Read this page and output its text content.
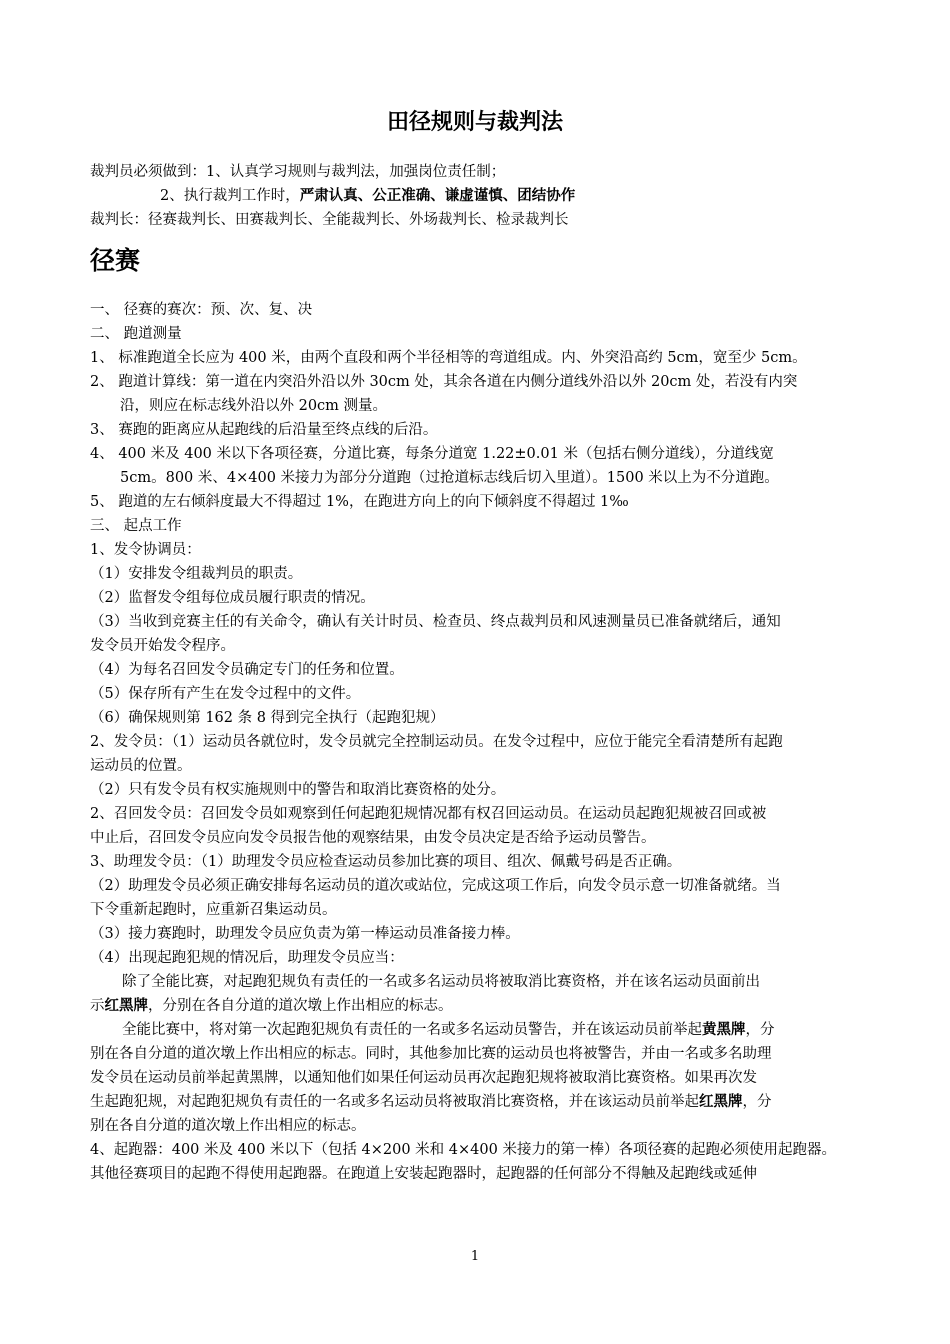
田径规则与裁判法
裁判员必须做到：1、认真学习规则与裁判法，加强岗位责任制；
2、执行裁判工作时，严肃认真、公正准确、谦虚谨慎、团结协作
裁判长：径赛裁判长、田赛裁判长、全能裁判长、外场裁判长、检录裁判长
径赛
一、 径赛的赛次：预、次、复、决
二、 跑道测量
1、 标准跑道全长应为 400 米，由两个直段和两个半径相等的弯道组成。内、外突沿高约 5cm，宽至少 5cm。
2、 跑道计算线：第一道在内突沿外沿以外 30cm 处，其余各道在内侧分道线外沿以外 20cm 处，若没有内突
沿，则应在标志线外沿以外 20cm 测量。
3、 赛跑的距离应从起跑线的后沿量至终点线的后沿。
4、 400 米及 400 米以下各项径赛，分道比赛，每条分道宽 1.22±0.01 米（包括右侧分道线），分道线宽
5cm。800 米、4×400 米接力为部分分道跑（过抢道标志线后切入里道）。1500 米以上为不分道跑。
5、 跑道的左右倾斜度最大不得超过 1%，在跑进方向上的向下倾斜度不得超过 1‰
三、 起点工作
1、发令协调员：
（1）安排发令组裁判员的职责。
（2）监督发令组每位成员履行职责的情况。
（3）当收到竞赛主任的有关命令，确认有关计时员、检查员、终点裁判员和风速测量员已准备就绪后，通知
发令员开始发令程序。
（4）为每名召回发令员确定专门的任务和位置。
（5）保存所有产生在发令过程中的文件。
（6）确保规则第 162 条 8 得到完全执行（起跑犯规）
2、发令员：（1）运动员各就位时，发令员就完全控制运动员。在发令过程中，应位于能完全看清楚所有起跑
运动员的位置。
（2）只有发令员有权实施规则中的警告和取消比赛资格的处分。
2、召回发令员：召回发令员如观察到任何起跑犯规情况都有权召回运动员。在运动员起跑犯规被召回或被
中止后，召回发令员应向发令员报告他的观察结果，由发令员决定是否给予运动员警告。
3、助理发令员：（1）助理发令员应检查运动员参加比赛的项目、组次、佩戴号码是否正确。
（2）助理发令员必须正确安排每名运动员的道次或站位，完成这项工作后，向发令员示意一切准备就绪。当
下令重新起跑时，应重新召集运动员。
（3）接力赛跑时，助理发令员应负责为第一棒运动员准备接力棒。
（4）出现起跑犯规的情况后，助理发令员应当：
除了全能比赛，对起跑犯规负有责任的一名或多名运动员将被取消比赛资格，并在该名运动员面前出
示红黑牌，分别在各自分道的道次墩上作出相应的标志。
全能比赛中，将对第一次起跑犯规负有责任的一名或多名运动员警告，并在该运动员前举起黄黑牌，分
别在各自分道的道次墩上作出相应的标志。同时，其他参加比赛的运动员也将被警告，并由一名或多名助理
发令员在运动员前举起黄黑牌，以通知他们如果任何运动员再次起跑犯规将被取消比赛资格。如果再次发
生起跑犯规，对起跑犯规负有责任的一名或多名运动员将被取消比赛资格，并在该运动员前举起红黑牌，分
别在各自分道的道次墩上作出相应的标志。
4、起跑器：400 米及 400 米以下（包括 4×200 米和 4×400 米接力的第一棒）各项径赛的起跑必须使用起跑器。
其他径赛项目的起跑不得使用起跑器。在跑道上安装起跑器时，起跑器的任何部分不得触及起跑线或延伸
1
